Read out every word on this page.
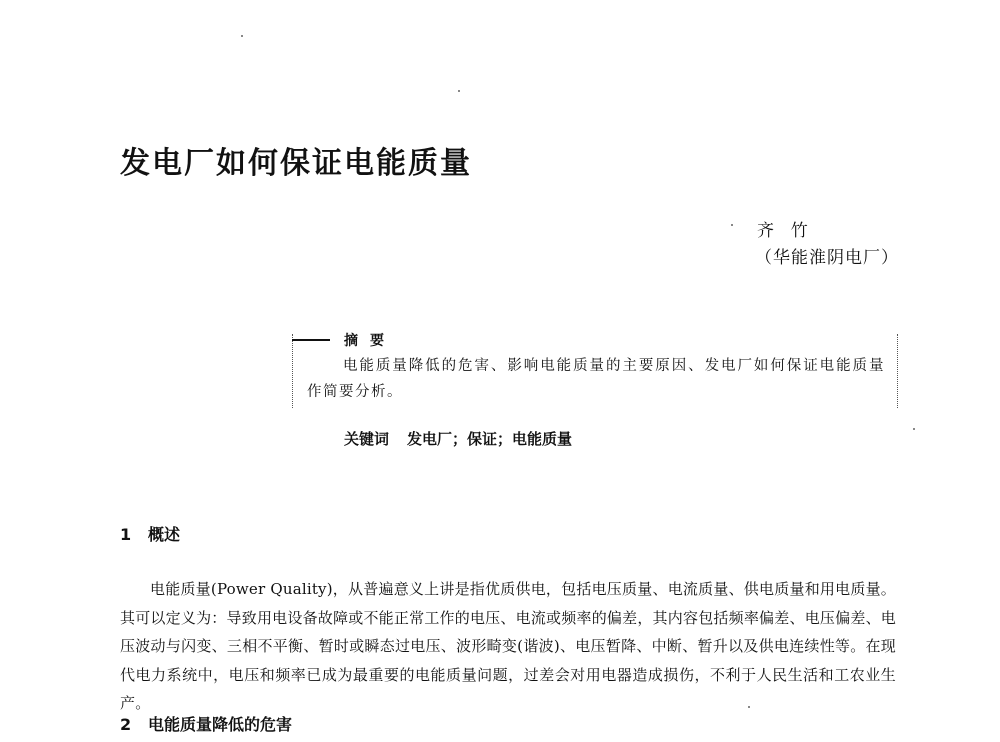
发电厂如何保证电能质量
齐  竹
（华能淮阴电厂）
摘要
电能质量降低的危害、影响电能质量的主要原因、发电厂如何保证电能质量作简要分析。
关键词 发电厂；保证；电能质量
1 概述

电能质量(Power Quality)，从普遍意义上讲是指优质供电，包括电压质量、电流质量、供电质量和用电质量。其可以定义为：导致用电设备故障或不能正常工作的电压、电流或频率的偏差，其内容包括频率偏差、电压偏差、电压波动与闪变、三相不平衡、暂时或瞬态过电压、波形畸变(谐波)、电压暂降、中断、暂升以及供电连续性等。在现代电力系统中，电压和频率已成为最重要的电能质量问题，过差会对用电器造成损伤，不利于人民生活和工农业生产。

2 电能质量降低的危害
